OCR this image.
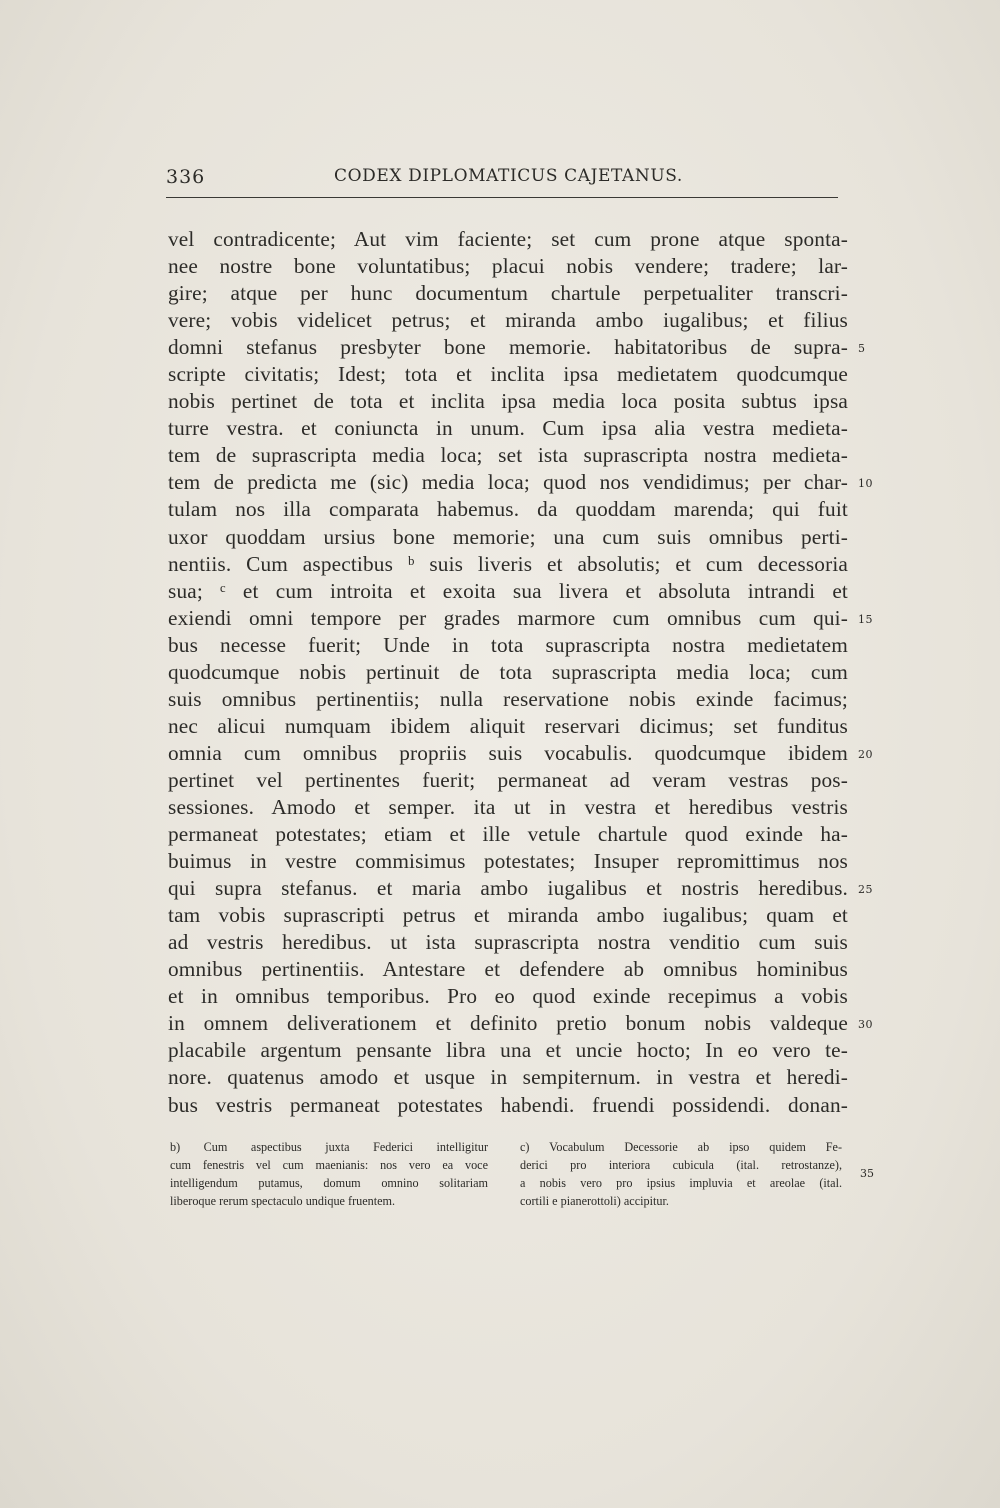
336	CODEX DIPLOMATICUS CAJETANUS.
vel contradicente; Aut vim faciente; set cum prone atque sponta-
nee nostre bone voluntatibus; placui nobis vendere; tradere; lar-
gire; atque per hunc documentum chartule perpetualiter transcri-
vere; vobis videlicet petrus; et miranda ambo iugalibus; et filius
domni stefanus presbyter bone memorie. habitatoribus de supra-
scripte civitatis; Idest; tota et inclita ipsa medietatem quodcumque
nobis pertinet de tota et inclita ipsa media loca posita subtus ipsa
turre vestra. et coniuncta in unum. Cum ipsa alia vestra medieta-
tem de suprascripta media loca; set ista suprascripta nostra medieta-
tem de predicta me (sic) media loca; quod nos vendidimus; per char-
tulam nos illa comparata habemus. da quoddam marenda; qui fuit
uxor quoddam ursius bone memorie; una cum suis omnibus perti-
nentiis. Cum aspectibus ᵇ suis liveris et absolutis; et cum decessoria
sua; ᶜ et cum introita et exoita sua livera et absoluta intrandi et
exiendi omni tempore per grades marmore cum omnibus cum qui-
bus necesse fuerit; Unde in tota suprascripta nostra medietatem
quodcumque nobis pertinuit de tota suprascripta media loca; cum
suis omnibus pertinentiis; nulla reservatione nobis exinde facimus;
nec alicui numquam ibidem aliquit reservari dicimus; set funditus
omnia cum omnibus propriis suis vocabulis. quodcumque ibidem
pertinet vel pertinentes fuerit; permaneat ad veram vestras pos-
sessiones. Amodo et semper. ita ut in vestra et heredibus vestris
permaneat potestates; etiam et ille vetule chartule quod exinde ha-
buimus in vestre commisimus potestates; Insuper repromittimus nos
qui supra stefanus. et maria ambo iugalibus et nostris heredibus.
tam vobis suprascripti petrus et miranda ambo iugalibus; quam et
ad vestris heredibus. ut ista suprascripta nostra venditio cum suis
omnibus pertinentiis. Antestare et defendere ab omnibus hominibus
et in omnibus temporibus. Pro eo quod exinde recepimus a vobis
in omnem deliverationem et definito pretio bonum nobis valdeque
placabile argentum pensante libra una et uncie hocto; In eo vero te-
nore. quatenus amodo et usque in sempiternum. in vestra et heredi-
bus vestris permaneat potestates habendi. fruendi possidendi. donan-
5
10
15
20
25
30
b) Cum aspectibus juxta Federici intelligitur
cum fenestris vel cum maenianis: nos vero ea voce
intelligendum putamus, domum omnino solitariam
liberoque rerum spectaculo undique fruentem.
c) Vocabulum Decessorie ab ipso quidem Fe-
derici pro interiora cubicula (ital. retrostanze),
a nobis vero pro ipsius impluvia et areolae (ital.
cortili e pianerottoli) accipitur.
35
